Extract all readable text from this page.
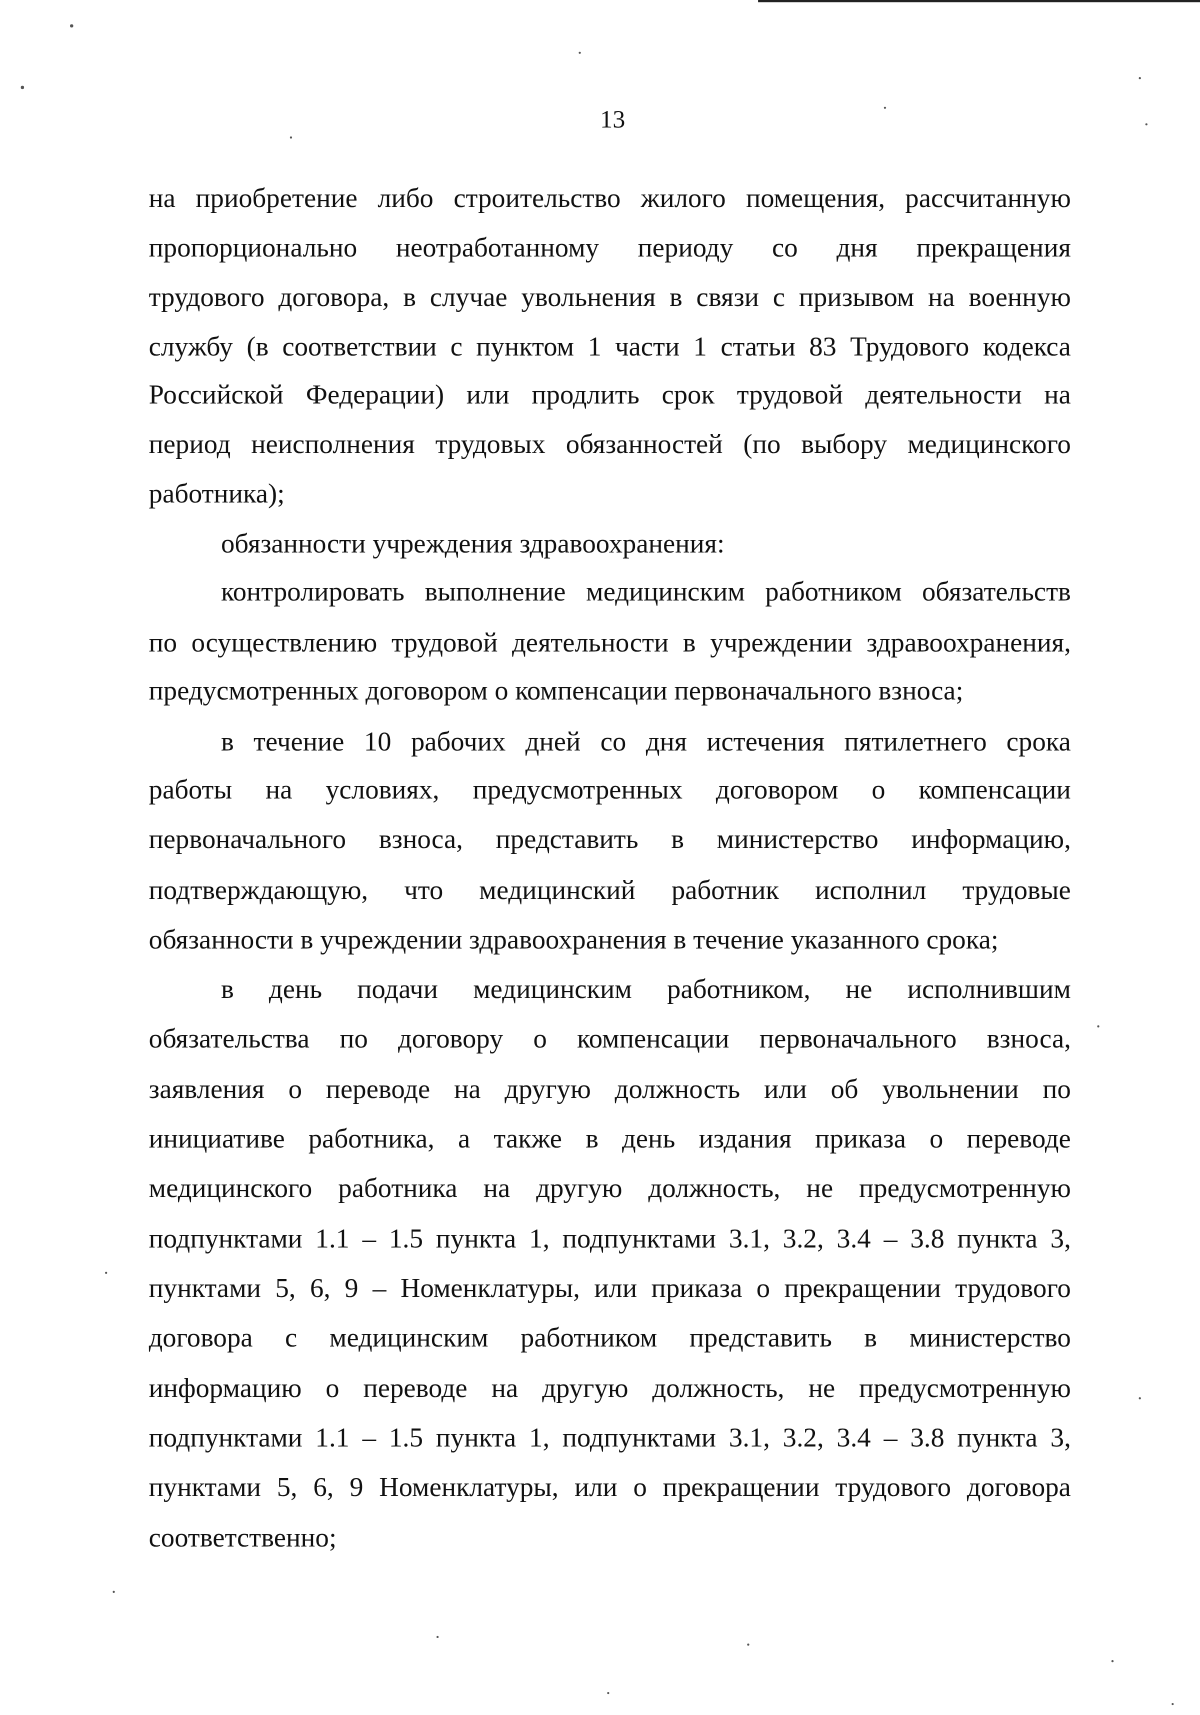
13
на приобретение либо строительство жилого помещения, рассчитанную
пропорционально неотработанному периоду со дня прекращения
трудового договора, в случае увольнения в связи с призывом на военную
службу (в соответствии с пунктом 1 части 1 статьи 83 Трудового кодекса
Российской Федерации) или продлить срок трудовой деятельности на
период неисполнения трудовых обязанностей (по выбору медицинского
работника);
обязанности учреждения здравоохранения:
контролировать выполнение медицинским работником обязательств
по осуществлению трудовой деятельности в учреждении здравоохранения,
предусмотренных договором о компенсации первоначального взноса;
в течение 10 рабочих дней со дня истечения пятилетнего срока
работы на условиях, предусмотренных договором о компенсации
первоначального взноса, представить в министерство информацию,
подтверждающую, что медицинский работник исполнил трудовые
обязанности в учреждении здравоохранения в течение указанного срока;
в день подачи медицинским работником, не исполнившим
обязательства по договору о компенсации первоначального взноса,
заявления о переводе на другую должность или об увольнении по
инициативе работника, а также в день издания приказа о переводе
медицинского работника на другую должность, не предусмотренную
подпунктами 1.1 – 1.5 пункта 1, подпунктами 3.1, 3.2, 3.4 – 3.8 пункта 3,
пунктами 5, 6, 9 – Номенклатуры, или приказа о прекращении трудового
договора с медицинским работником представить в министерство
информацию о переводе на другую должность, не предусмотренную
подпунктами 1.1 – 1.5 пункта 1, подпунктами 3.1, 3.2, 3.4 – 3.8 пункта 3,
пунктами 5, 6, 9 Номенклатуры, или о прекращении трудового договора
соответственно;
